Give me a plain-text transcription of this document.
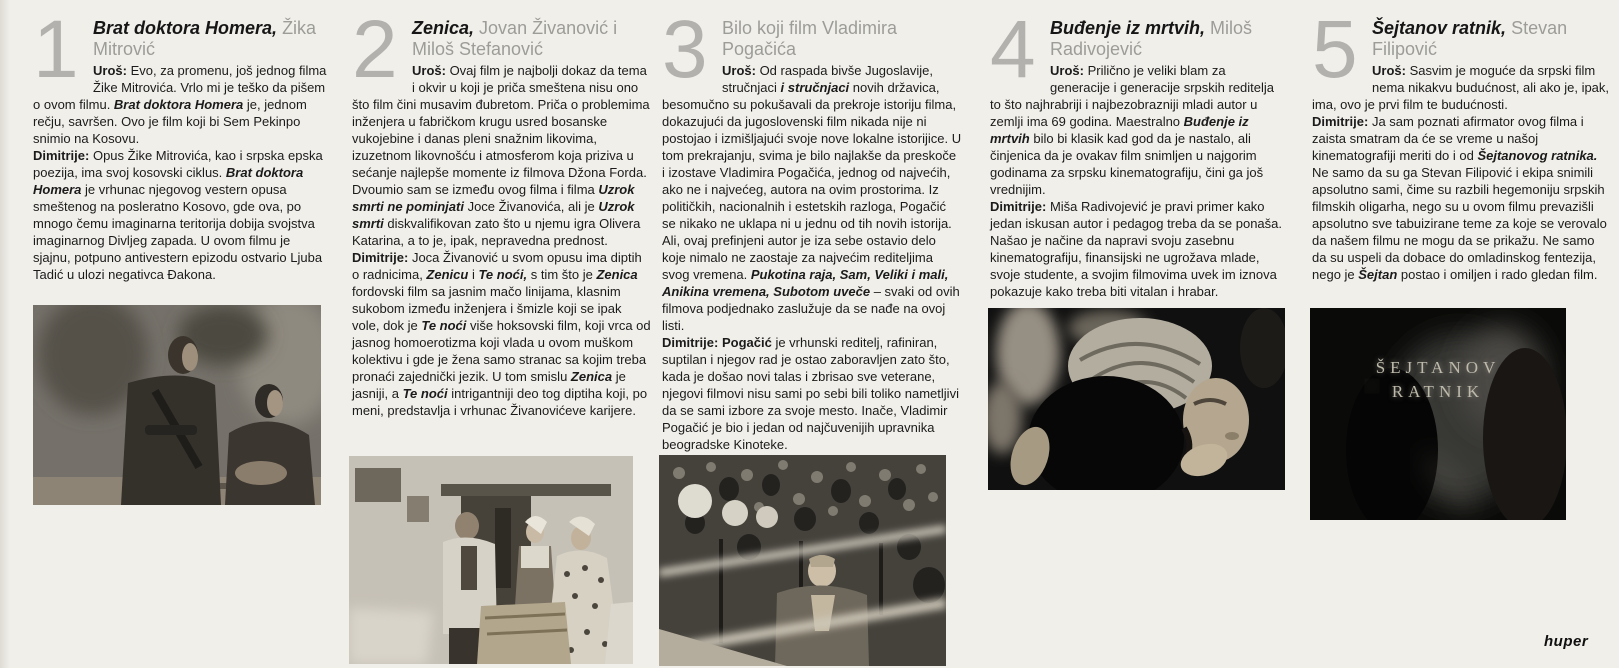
1	Brat doktora Homera, Žika Mitrović
Uroš: Evo, za promenu, još jednog filma Žike Mitrovića. Vrlo mi je teško da pišem o ovom filmu. Brat doktora Homera je, jednom rečju, savršen. Ovo je film koji bi Sem Pekinpo snimio na Kosovu.
Dimitrije: Opus Žike Mitrovića, kao i srpska epska poezija, ima svoj kosovski ciklus. Brat doktora Homera je vrhunac njegovog vestern opusa smeštenog na posleratno Kosovo, gde ova, po mnogo čemu imaginarna teritorija dobija svojstva imaginarnog Divljeg zapada. U ovom filmu je sjajnu, potpuno antivestern epizodu ostvario Ljuba Tadić u ulozi negativca Đakona.
2	Zenica, Jovan Živanović i Miloš Stefanović
Uroš: Ovaj film je najbolji dokaz da tema i okvir u koji je priča smeštena nisu ono što film čini musavim đubretom. Priča o problemima inženjera u fabričkom krugu usred bosanske vukojebine i danas pleni snažnim likovima, izuzetnom likovnošću i atmosferom koja priziva u sećanje najlepše momente iz filmova Džona Forda. Dvoumio sam se između ovog filma i filma Uzrok smrti ne pominjati Joce Živanovića, ali je Uzrok smrti diskvalifikovan zato što u njemu igra Olivera Katarina, a to je, ipak, nepravedna prednost.
Dimitrije: Joca Živanović u svom opusu ima diptih o radnicima, Zenicu i Te noći, s tim što je Zenica fordovski film sa jasnim mačo linijama, klasnim sukobom između inženjera i šmizle koji se ipak vole, dok je Te noći više hoksovski film, koji vrca od jasnog homoerotizma koji vlada u ovom muškom kolektivu i gde je žena samo stranac sa kojim treba pronaći zajednički jezik. U tom smislu Zenica je jasniji, a Te noći intrigantniji deo tog diptiha koji, po meni, predstavlja i vrhunac Živanovićeve karijere.
3	Bilo koji film Vladimira Pogačića
Uroš: Od raspada bivše Jugoslavije, stručnjaci i stručnjaci novih državica, besomučno su pokušavali da prekroje istoriju filma, dokazujući da jugoslovenski film nikada nije ni postojao i izmišljajući svoje nove lokalne istorijice. U tom prekrajanju, svima je bilo najlakše da preskoče i izostave Vladimira Pogačića, jednog od najvećih, ako ne i najvećeg, autora na ovim prostorima. Iz političkih, nacionalnih i estetskih razloga, Pogačić se nikako ne uklapa ni u jednu od tih novih istorija. Ali, ovaj prefinjeni autor je iza sebe ostavio delo koje nimalo ne zaostaje za najvećim rediteljima svog vremena. Pukotina raja, Sam, Veliki i mali, Anikina vremena, Subotom uveče – svaki od ovih filmova podjednako zaslužuje da se nađe na ovoj listi.
Dimitrije: Pogačić je vrhunski reditelj, rafiniran, suptilan i njegov rad je ostao zaboravljen zato što, kada je došao novi talas i zbrisao sve veterane, njegovi filmovi nisu sami po sebi bili toliko nametljivi da se sami izbore za svoje mesto. Inače, Vladimir Pogačić je bio i jedan od najčuvenijih upravnika beogradske Kinoteke.
4	Buđenje iz mrtvih, Miloš Radivojević
Uroš: Prilično je veliki blam za generacije i generacije srpskih reditelja to što najhrabriji i najbezobrazniji mladi autor u zemlji ima 69 godina. Maestralno Buđenje iz mrtvih bilo bi klasik kad god da je nastalo, ali činjenica da je ovakav film snimljen u najgorim godinama za srpsku kinematografiju, čini ga još vrednijim.
Dimitrije: Miša Radivojević je pravi primer kako jedan iskusan autor i pedagog treba da se ponaša. Našao je načine da napravi svoju zasebnu kinematografiju, finansijski ne ugrožava mlade, svoje studente, a svojim filmovima uvek im iznova pokazuje kako treba biti vitalan i hrabar.
5	Šejtanov ratnik, Stevan Filipović
Uroš: Sasvim je moguće da srpski film nema nikakvu budućnost, ali ako je, ipak, ima, ovo je prvi film te budućnosti.
Dimitrije: Ja sam poznati afirmator ovog filma i zaista smatram da će se vreme u našoj kinematografiji meriti do i od Šejtanovog ratnika. Ne samo da su ga Stevan Filipović i ekipa snimili apsolutno sami, čime su razbili hegemoniju srpskih filmskih oligarha, nego su u ovom filmu prevazišli apsolutno sve tabuizirane teme za koje se verovalo da našem filmu ne mogu da se prikažu. Ne samo da su uspeli da dobace do omladinskog fentezija, nego je Šejtan postao i omiljen i rado gledan film.
ŠEJTANOV
RATNIK
huper
